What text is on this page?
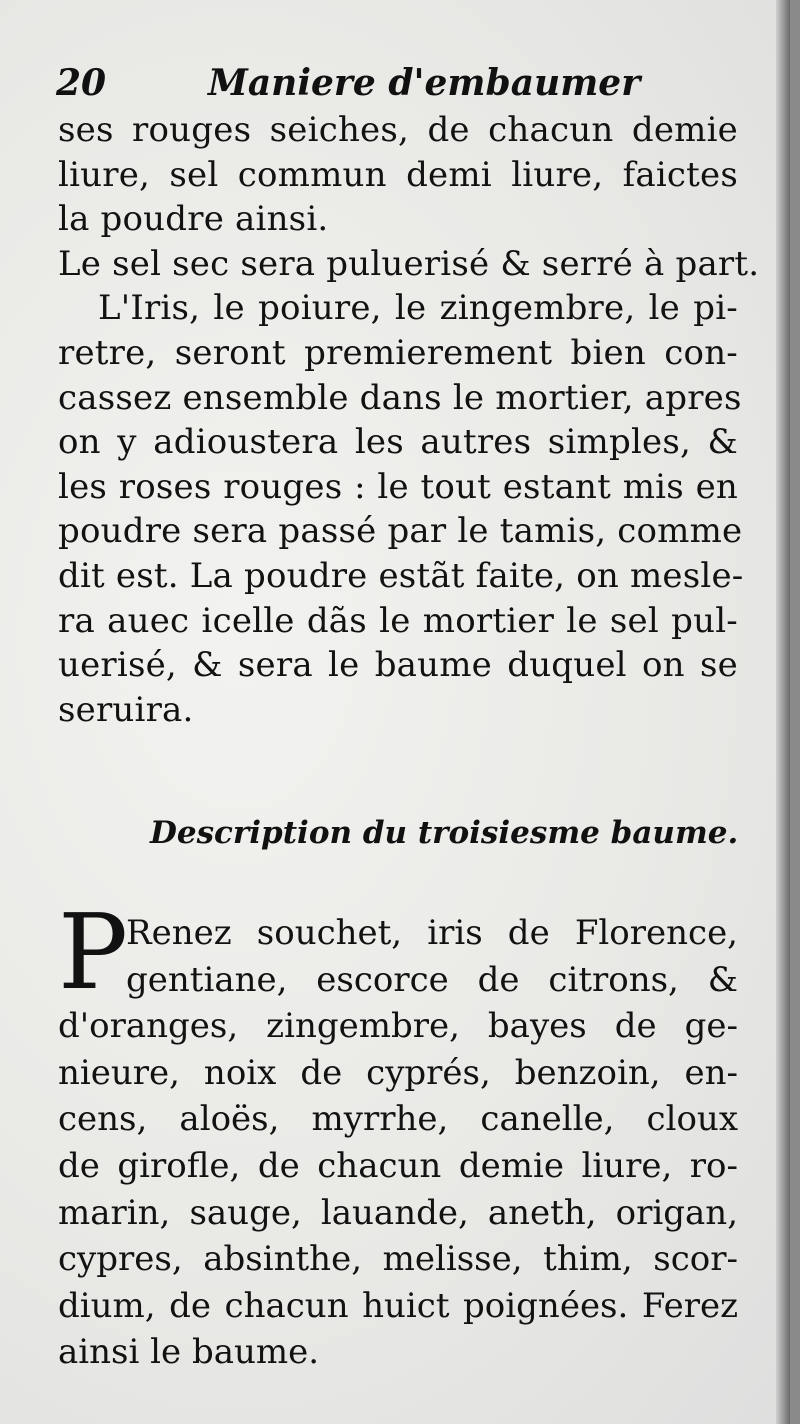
20	Maniere d'embaumer
ses rouges seiches, de chacun demie
liure, sel commun demi liure, faictes
la poudre ainsi.
Le sel sec sera puluerisé & serré à part.
L'Iris, le poiure, le zingembre, le pi-
retre, seront premierement bien con-
cassez ensemble dans le mortier, apres
on y adioustera les autres simples, &
les roses rouges : le tout estant mis en
poudre sera passé par le tamis, comme
dit est. La poudre estãt faite, on mesle-
ra auec icelle dãs le mortier le sel pul-
uerisé, & sera le baume duquel on se
seruira.
Description du troisiesme baume.
P
Renez souchet, iris de Florence,
gentiane, escorce de citrons, &
d'oranges, zingembre, bayes de ge-
nieure, noix de cyprés, benzoin, en-
cens, aloës, myrrhe, canelle, cloux
de girofle, de chacun demie liure, ro-
marin, sauge, lauande, aneth, origan,
cypres, absinthe, melisse, thim, scor-
dium, de chacun huict poignées. Ferez
ainsi le baume.
